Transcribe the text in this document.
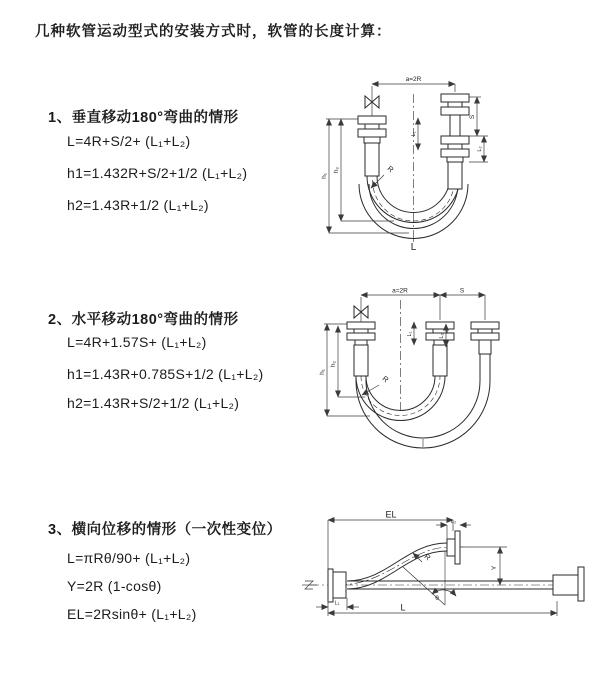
几种软管运动型式的安装方式时，软管的长度计算：
1、垂直移动180°弯曲的情形
L=4R+S/2+ (L₁+L₂)
h1=1.432R+S/2+1/2 (L₁+L₂)
h2=1.43R+1/2 (L₁+L₂)
a=2R
L₁
S
L₂
h₁
h₂	R
L
2、水平移动180°弯曲的情形
L=4R+1.57S+ (L₁+L₂)
h1=1.43R+0.785S+1/2 (L₁+L₂)
h2=1.43R+S/2+1/2 (L₁+L₂)
a=2R	S
h₁
h₂
L₁	L₂
R
3、横向位移的情形（一次性变位）
L=πRθ/90+ (L₁+L₂)
Y=2R (1-cosθ)
EL=2Rsinθ+ (L₁+L₂)
θ
EL
L₂
Y
R
L
L₁
